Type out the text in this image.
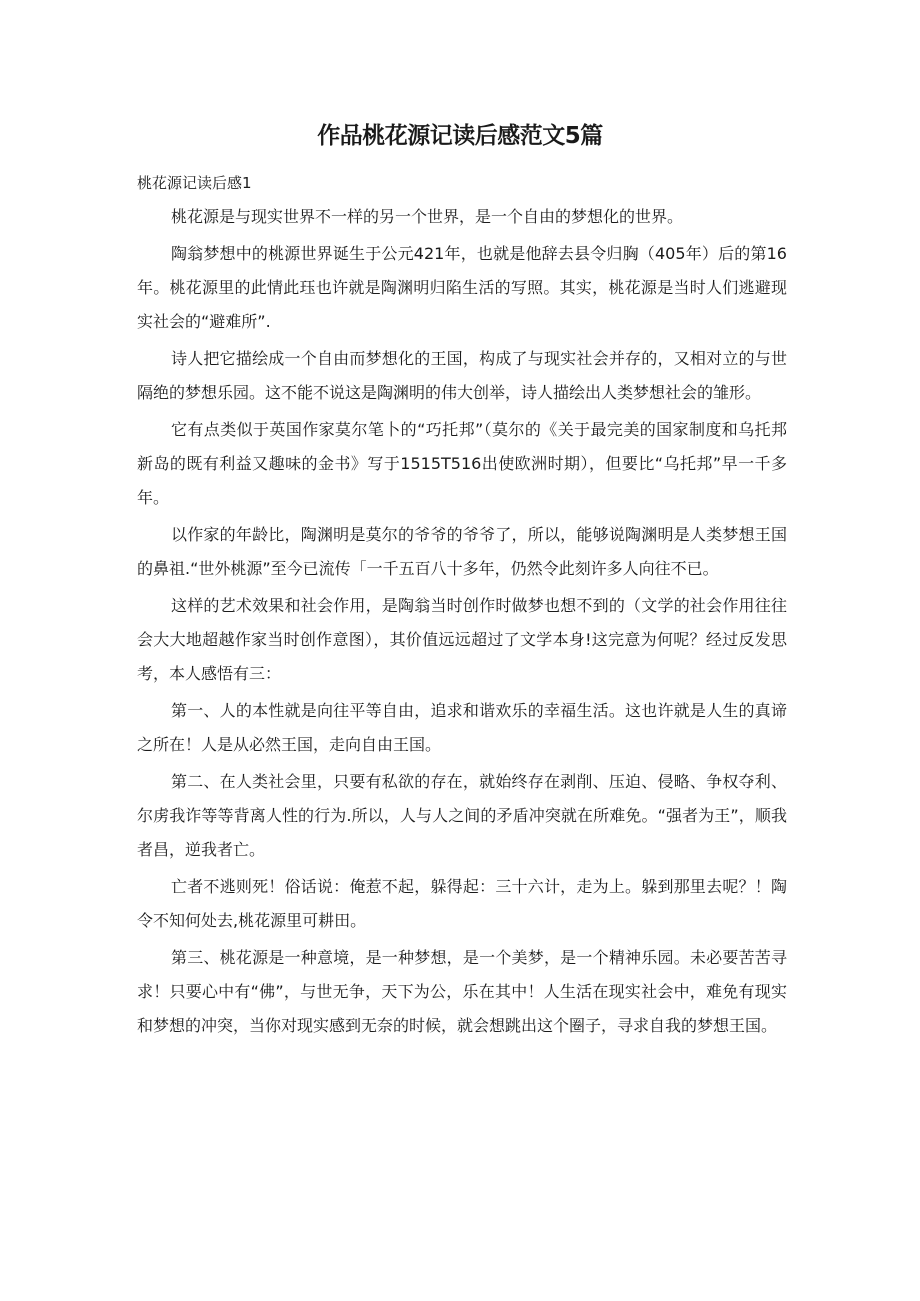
作品桃花源记读后感范文5篇
桃花源记读后感1

桃花源是与现实世界不一样的另一个世界，是一个自由的梦想化的世界。

陶翁梦想中的桃源世界诞生于公元421年，也就是他辞去县令归胸（405年）后的第16年。桃花源里的此情此珏也许就是陶渊明归陷生活的写照。其实，桃花源是当时人们逃避现实社会的“避难所”.

诗人把它描绘成一个自由而梦想化的王国，构成了与现实社会并存的，又相对立的与世隔绝的梦想乐园。这不能不说这是陶渊明的伟大创举，诗人描绘出人类梦想社会的雏形。

它有点类似于英国作家莫尔笔卜的“巧托邦”（莫尔的《关于最完美的国家制度和乌托邦新岛的既有利益又趣味的金书》写于1515T516出使欧洲时期），但要比“乌托邦”早一千多年。

以作家的年龄比，陶渊明是莫尔的爷爷的爷爷了，所以，能够说陶渊明是人类梦想王国的鼻祖.“世外桃源”至今已流传「一千五百八十多年，仍然令此刻许多人向往不已。

这样的艺术效果和社会作用，是陶翁当时创作时做梦也想不到的（文学的社会作用往往会大大地超越作家当时创作意图），其价值远远超过了文学本身!这完意为何呢？经过反发思考，本人感悟有三：

第一、人的本性就是向往平等自由，追求和谐欢乐的幸福生活。这也许就是人生的真谛之所在！人是从必然王国，走向自由王国。

第二、在人类社会里，只要有私欲的存在，就始终存在剥削、压迫、侵略、争权夺利、尔虏我诈等等背离人性的行为.所以，人与人之间的矛盾冲突就在所难免。“强者为王”，顺我者昌，逆我者亡。

亡者不逃则死！俗话说：俺惹不起，躲得起：三十六计，走为上。躲到那里去呢？！陶令不知何处去,桃花源里可耕田。

第三、桃花源是一种意境，是一种梦想，是一个美梦，是一个精神乐园。未必要苦苦寻求！只要心中有“佛”，与世无争，天下为公，乐在其中！人生活在现实社会中，难免有现实和梦想的冲突，当你对现实感到无奈的时候，就会想跳出这个圈子，寻求自我的梦想王国。
